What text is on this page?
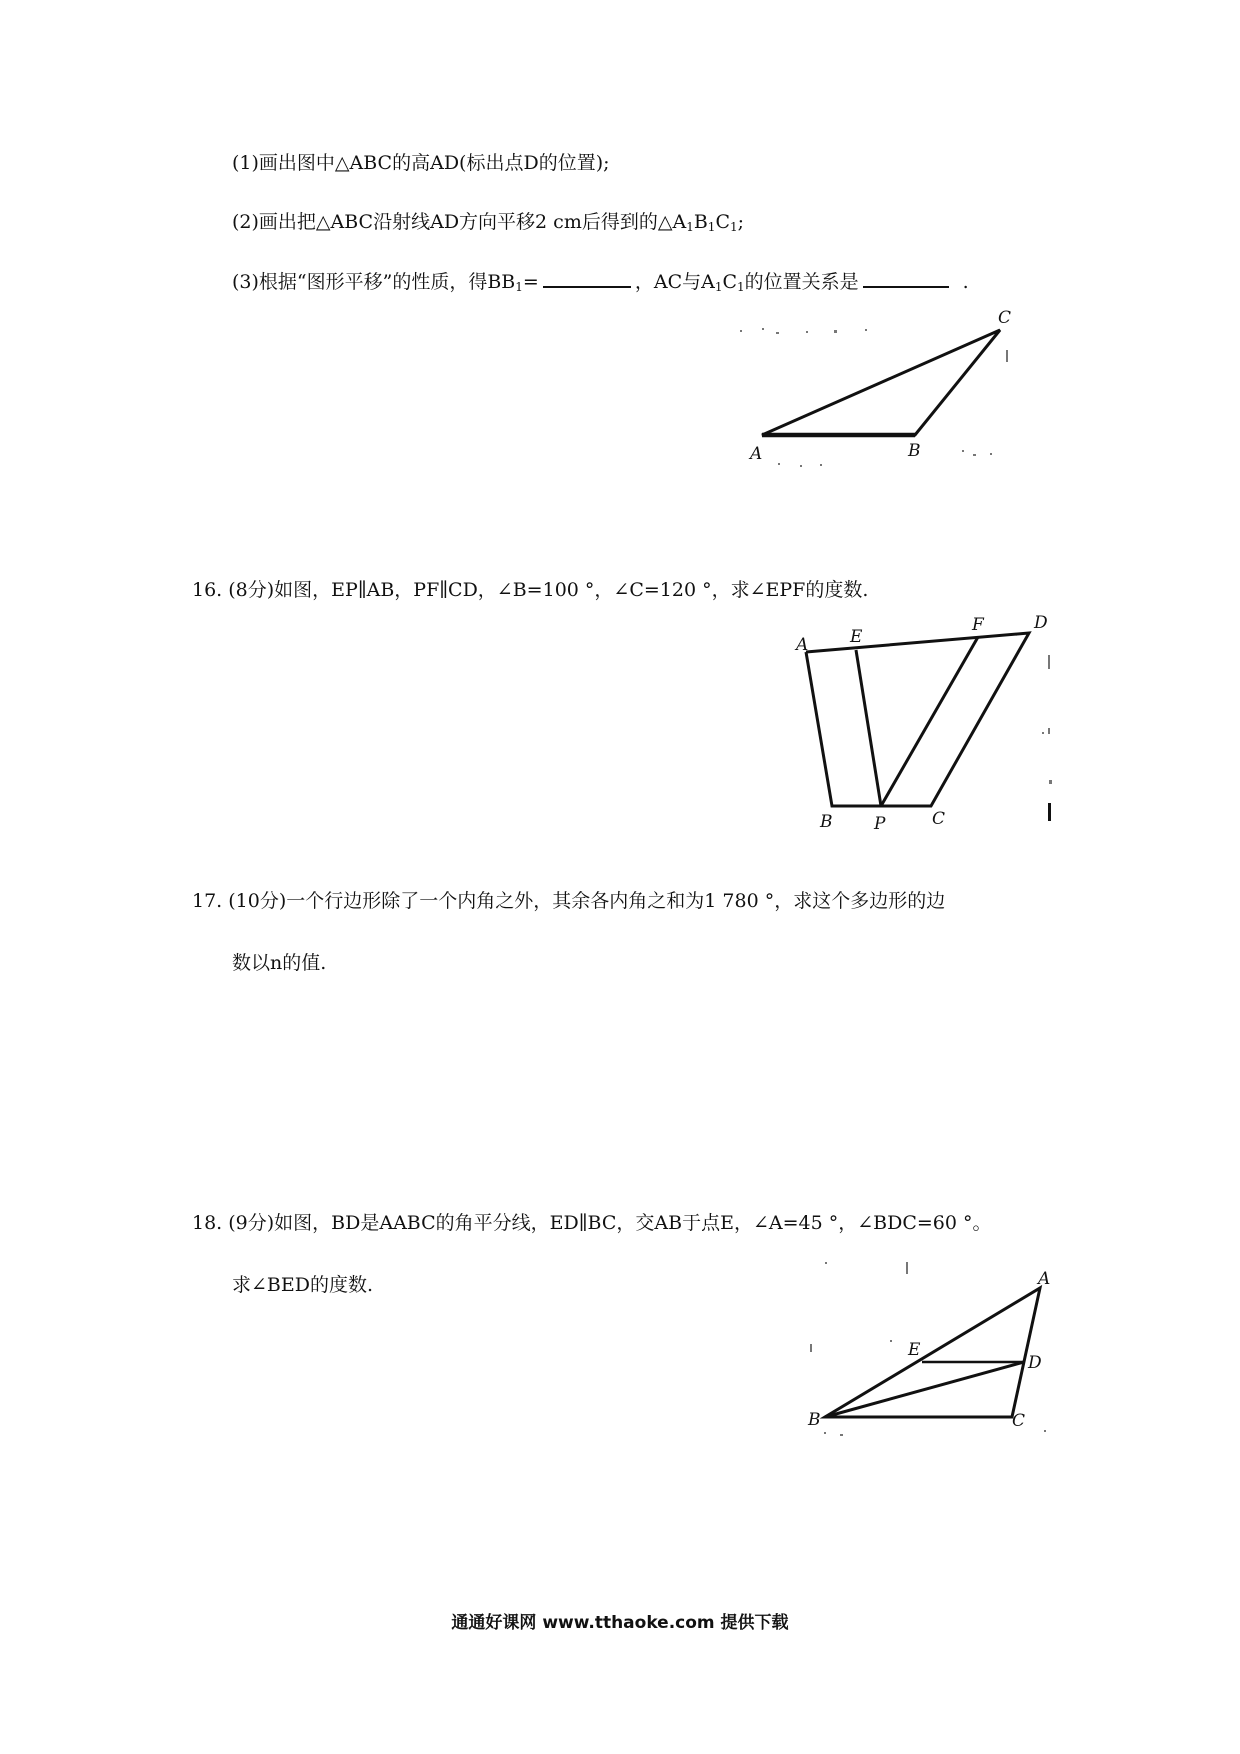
(1)画出图中△ABC的高AD(标出点D的位置);
(2)画出把△ABC沿射线AD方向平移2 cm后得到的$\triangle A_1B_1C_1$;
(3)根据“图形平移”的性质，得$BB_1=$	，AC与$A_1C_1$的位置关系是	.
A	B
C
16. (8分)如图，EP∥AB，PF∥CD，∠B=100 °，∠C=120 °，求∠EPF的度数.
A E
F	D
B P	C
17. (10分)一个行边形除了一个内角之外，其余各内角之和为1 780 °，求这个多边形的边
数以n的值.
18. (9分)如图，BD是AABC的角平分线，ED∥BC，交AB于点E，∠A=45 °，∠BDC=60 °。
求∠BED的度数.	A
E
D
B	C
通通好课网 www.tthaoke.com 提供下载
